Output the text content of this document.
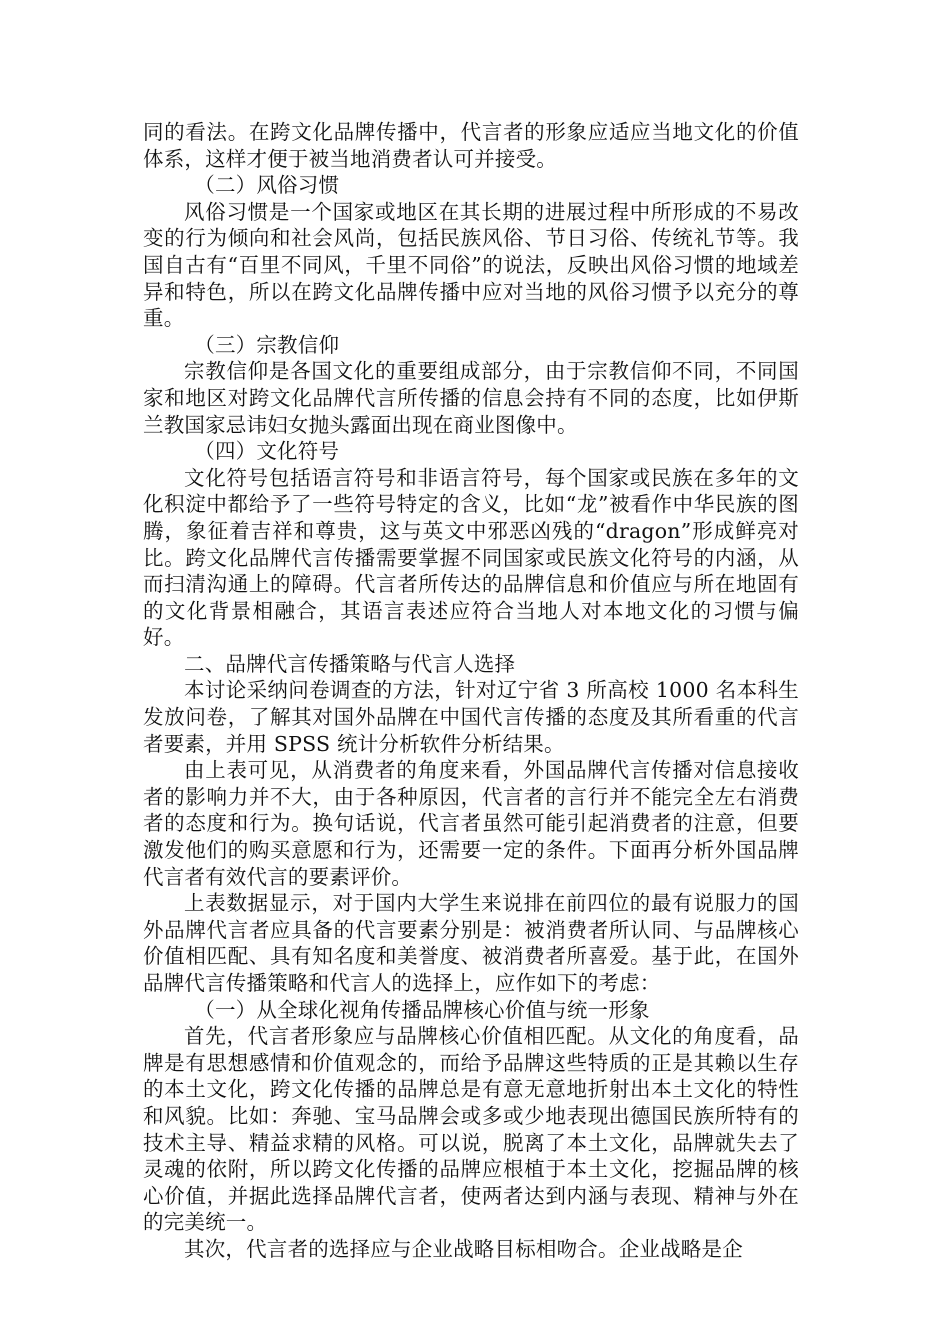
同的看法。在跨文化品牌传播中，代言者的形象应适应当地文化的价值体系，这样才便于被当地消费者认可并接受。

（二）风俗习惯

风俗习惯是一个国家或地区在其长期的进展过程中所形成的不易改变的行为倾向和社会风尚，包括民族风俗、节日习俗、传统礼节等。我国自古有“百里不同风，千里不同俗”的说法，反映出风俗习惯的地域差异和特色，所以在跨文化品牌传播中应对当地的风俗习惯予以充分的尊重。

（三）宗教信仰

宗教信仰是各国文化的重要组成部分，由于宗教信仰不同，不同国家和地区对跨文化品牌代言所传播的信息会持有不同的态度，比如伊斯兰教国家忌讳妇女抛头露面出现在商业图像中。

（四）文化符号

文化符号包括语言符号和非语言符号，每个国家或民族在多年的文化积淀中都给予了一些符号特定的含义，比如“龙”被看作中华民族的图腾，象征着吉祥和尊贵，这与英文中邪恶凶残的“dragon”形成鲜亮对比。跨文化品牌代言传播需要掌握不同国家或民族文化符号的内涵，从而扫清沟通上的障碍。代言者所传达的品牌信息和价值应与所在地固有的文化背景相融合，其语言表述应符合当地人对本地文化的习惯与偏好。

二、品牌代言传播策略与代言人选择

本讨论采纳问卷调查的方法，针对辽宁省 3 所高校 1000 名本科生发放问卷，了解其对国外品牌在中国代言传播的态度及其所看重的代言者要素，并用 SPSS 统计分析软件分析结果。

由上表可见，从消费者的角度来看，外国品牌代言传播对信息接收者的影响力并不大，由于各种原因，代言者的言行并不能完全左右消费者的态度和行为。换句话说，代言者虽然可能引起消费者的注意，但要激发他们的购买意愿和行为，还需要一定的条件。下面再分析外国品牌代言者有效代言的要素评价。

上表数据显示，对于国内大学生来说排在前四位的最有说服力的国外品牌代言者应具备的代言要素分别是：被消费者所认同、与品牌核心价值相匹配、具有知名度和美誉度、被消费者所喜爱。基于此，在国外品牌代言传播策略和代言人的选择上，应作如下的考虑：

（一）从全球化视角传播品牌核心价值与统一形象

首先，代言者形象应与品牌核心价值相匹配。从文化的角度看，品牌是有思想感情和价值观念的，而给予品牌这些特质的正是其赖以生存的本土文化，跨文化传播的品牌总是有意无意地折射出本土文化的特性和风貌。比如：奔驰、宝马品牌会或多或少地表现出德国民族所特有的技术主导、精益求精的风格。可以说，脱离了本土文化，品牌就失去了灵魂的依附，所以跨文化传播的品牌应根植于本土文化，挖掘品牌的核心价值，并据此选择品牌代言者，使两者达到内涵与表现、精神与外在的完美统一。

其次，代言者的选择应与企业战略目标相吻合。企业战略是企
